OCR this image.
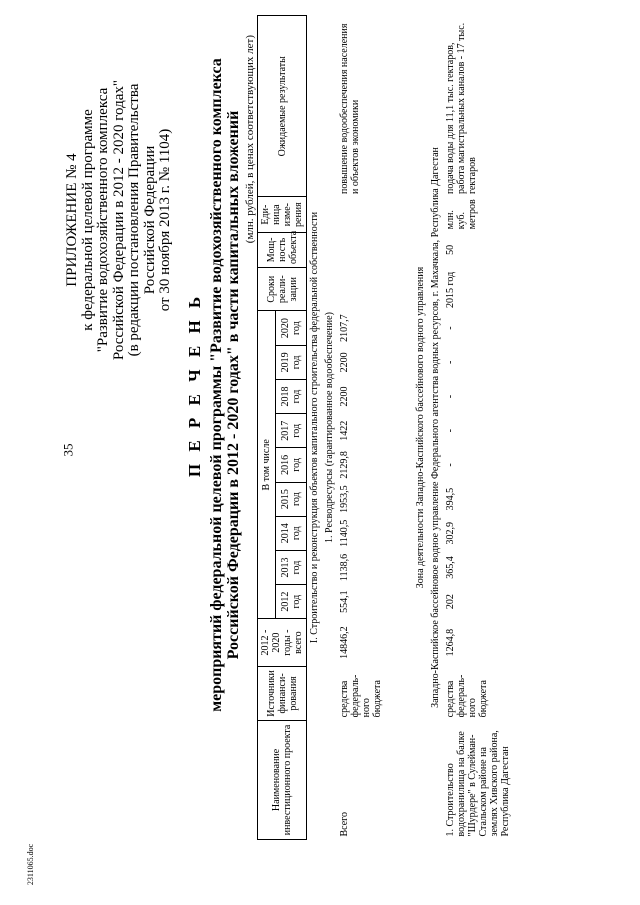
35
2311065.doc
ПРИЛОЖЕНИЕ № 4 к федеральной целевой программе "Развитие водохозяйственного комплекса Российской Федерации в 2012 - 2020 годах" (в редакции постановления Правительства Российской Федерации от 30 ноября 2013 г. № 1104)
П Е Р Е Ч Е Н Ь мероприятий федеральной целевой программы "Развитие водохозяйственного комплекса Российской Федерации в 2012 - 2020 годах" в части капитальных вложений (млн. рублей, в ценах соответствующих лет)
Наименование инвестиционного проекта	Источники финанси-рования	2012 - 2020 годы - всего	В том числе									Сроки реали-зации	Мощ-ность объекта	Еди-ница изме-рения	Ожидаемые результаты
			2012 год	2013 год	2014 год	2015 год	2016 год	2017 год	2018 год	2019 год	2020 год				
I. Строительство и реконструкция объектов капитального строительства федеральной собственности															
1. Ресводресурсы (гарантированное водообеспечение)															
Всего	средства федераль-ного бюджета	14846,2	554,1	1138,6	1140,5	1953,5	2129,8	1422	2200	2200	2107,7				повышение водообеспечения населения и объектов экономики
Зона деятельности Западно-Каспийского бассейнового водного управления															
Западно-Каспийское бассейновое водное управление Федерального агентства водных ресурсов, г. Махачкала, Республика Дагестан															
1. Строительство водохранилища на балке "Шурдере" в Сулейман-Стальском районе на землях Хивского района, Республика Дагестан	средства федераль-ного бюджета	1264,8	202	365,4	302,9	394,5	-	-	-	-	-	2015 год	50	млн. куб. метров	подача воды для 11,1 тыс. гектаров, работа магистральных каналов - 17 тыс. гектаров
